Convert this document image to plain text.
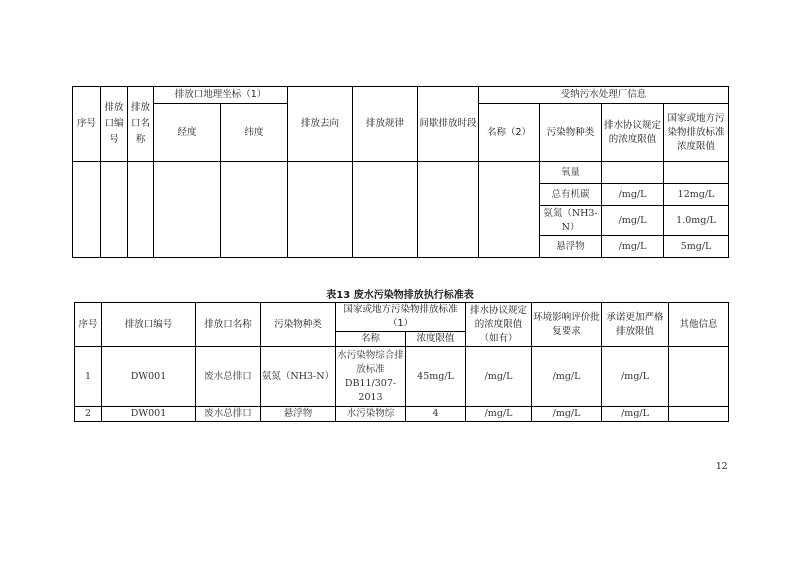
序号	排放口编号	排放口名称	排放口地理坐标（1）		排放去向	排放规律	间歇排放时段	受纳污水处理厂信息			
			经度	纬度				名称（2）	污染物种类	排水协议规定的浓度限值	国家或地方污染物排放标准浓度限值
									氧量		
									总有机碳	/mg/L	12mg/L
									氨氮（NH3-N）	/mg/L	1.0mg/L
									悬浮物	/mg/L	5mg/L
表13 废水污染物排放执行标准表
序号	排放口编号	排放口名称	污染物种类	国家或地方污染物排放标准（1）		排水协议规定的浓度限值（如有）	环境影响评价批复要求	承诺更加严格排放限值	其他信息
				名称	浓度限值				
1	DW001	废水总排口	氨氮（NH3-N）	水污染物综合排放标准DB11/307-2013	45mg/L	/mg/L	/mg/L	/mg/L	
2	DW001	废水总排口	悬浮物	水污染物综	4	/mg/L	/mg/L	/mg/L	
12
